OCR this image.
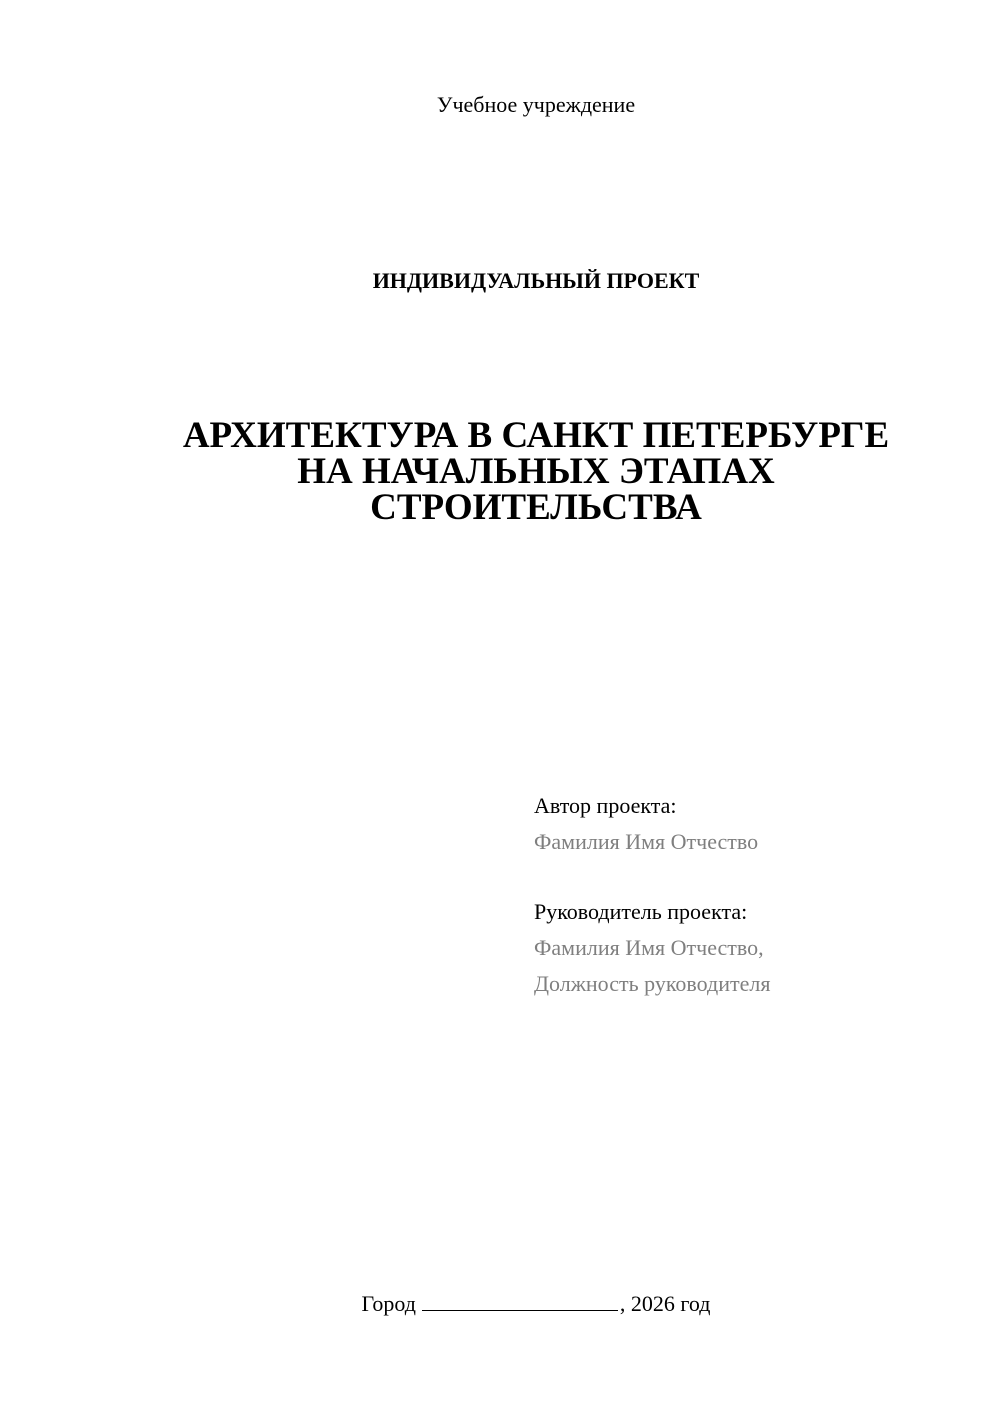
Учебное учреждение
ИНДИВИДУАЛЬНЫЙ ПРОЕКТ
АРХИТЕКТУРА В САНКТ ПЕТЕРБУРГЕ
НА НАЧАЛЬНЫХ ЭТАПАХ
СТРОИТЕЛЬСТВА
Автор проекта:
Фамилия Имя Отчество
Руководитель проекта:
Фамилия Имя Отчество,
Должность руководителя
Город	, 2026 год
